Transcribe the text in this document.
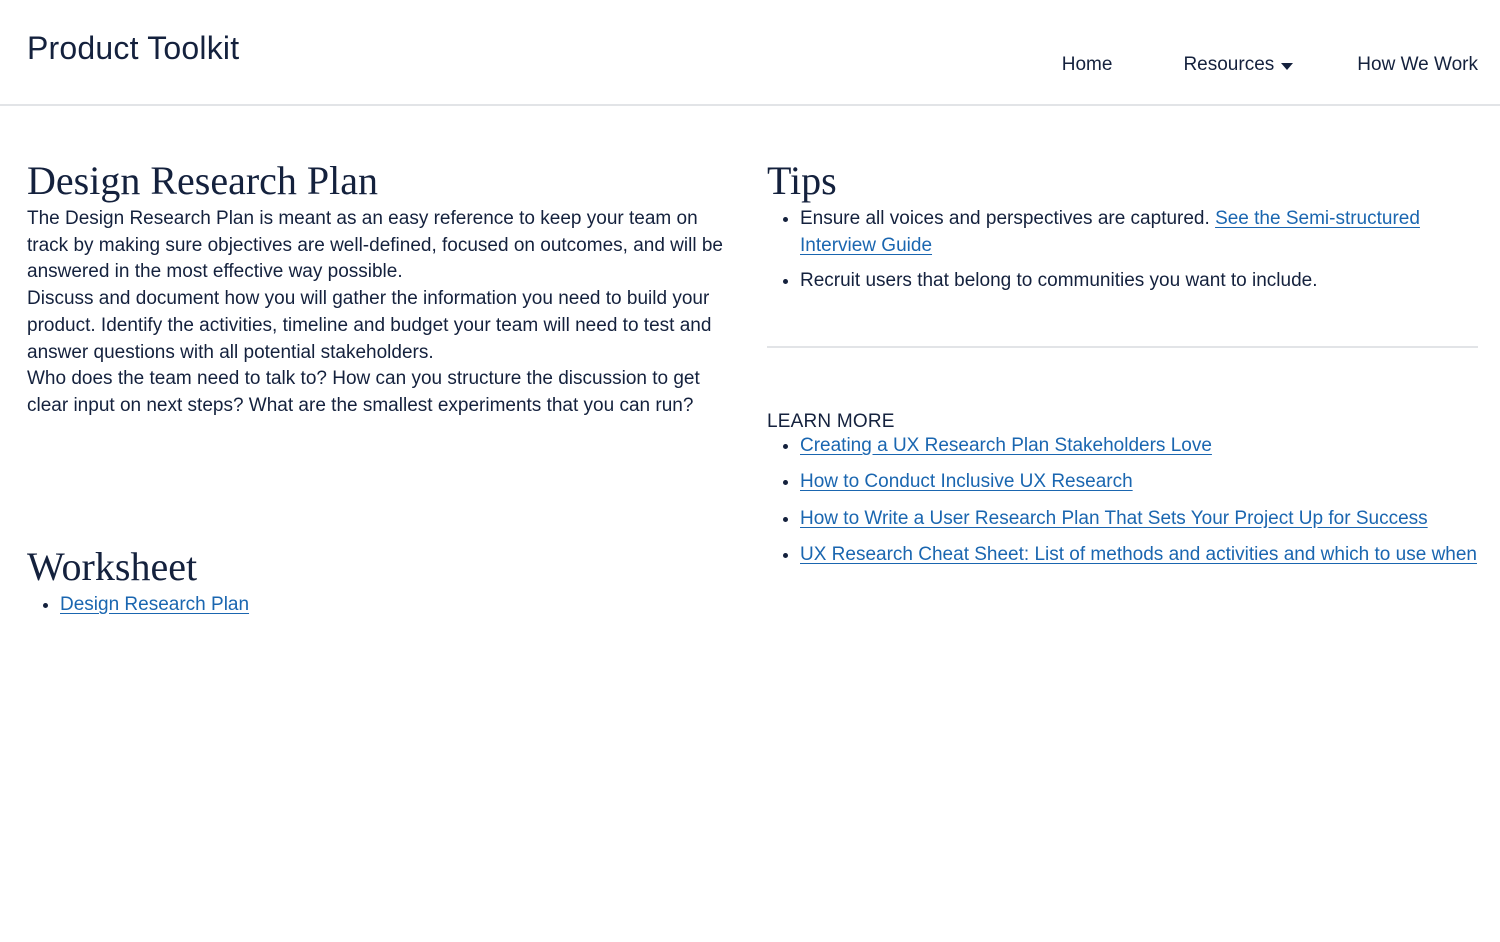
Product Toolkit	Home	Resources	How We Work
Design Research Plan

The Design Research Plan is meant as an easy reference to keep your team on track by making sure objectives are well-defined, focused on outcomes, and will be answered in the most effective way possible.

Discuss and document how you will gather the information you need to build your product. Identify the activities, timeline and budget your team will need to test and answer questions with all potential stakeholders.

Who does the team need to talk to? How can you structure the discussion to get clear input on next steps? What are the smallest experiments that you can run?

Worksheet
• Design Research Plan
Tips
• Ensure all voices and perspectives are captured. See the Semi-structured Interview Guide
• Recruit users that belong to communities you want to include.
LEARN MORE
• Creating a UX Research Plan Stakeholders Love
• How to Conduct Inclusive UX Research
• How to Write a User Research Plan That Sets Your Project Up for Success
• UX Research Cheat Sheet: List of methods and activities and which to use when
